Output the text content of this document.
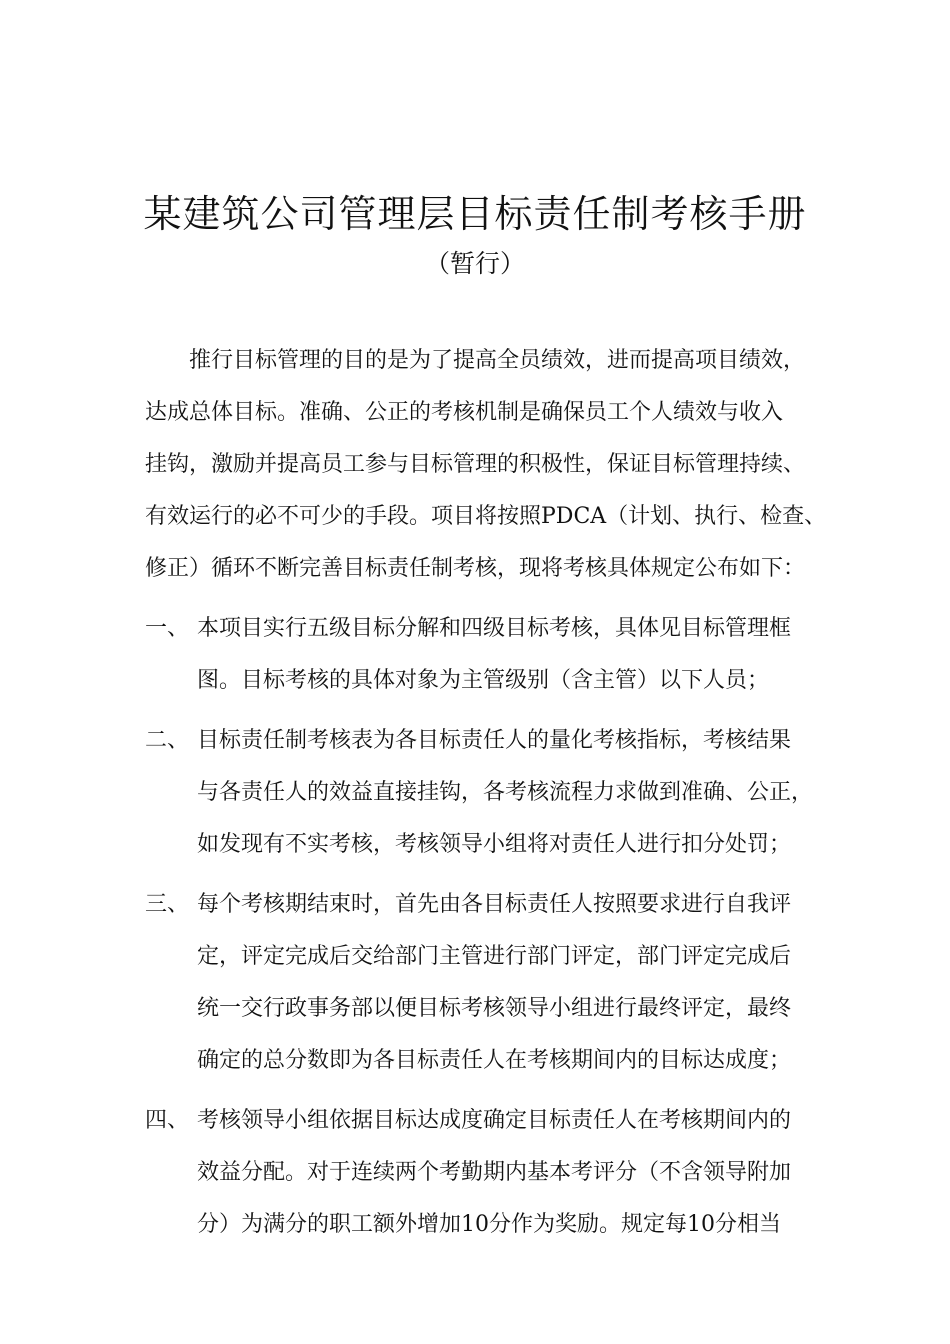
某建筑公司管理层目标责任制考核手册
（暂行）
推行目标管理的目的是为了提高全员绩效，进而提高项目绩效，
达成总体目标。准确、公正的考核机制是确保员工个人绩效与收入
挂钩，激励并提高员工参与目标管理的积极性，保证目标管理持续、
有效运行的必不可少的手段。项目将按照PDCA（计划、执行、检查、
修正）循环不断完善目标责任制考核，现将考核具体规定公布如下：
一、 本项目实行五级目标分解和四级目标考核，具体见目标管理框
图。目标考核的具体对象为主管级别（含主管）以下人员；
二、 目标责任制考核表为各目标责任人的量化考核指标，考核结果
与各责任人的效益直接挂钩，各考核流程力求做到准确、公正，
如发现有不实考核，考核领导小组将对责任人进行扣分处罚；
三、 每个考核期结束时，首先由各目标责任人按照要求进行自我评
定，评定完成后交给部门主管进行部门评定，部门评定完成后
统一交行政事务部以便目标考核领导小组进行最终评定，最终
确定的总分数即为各目标责任人在考核期间内的目标达成度；
四、 考核领导小组依据目标达成度确定目标责任人在考核期间内的
效益分配。对于连续两个考勤期内基本考评分（不含领导附加
分）为满分的职工额外增加10分作为奖励。规定每10分相当
